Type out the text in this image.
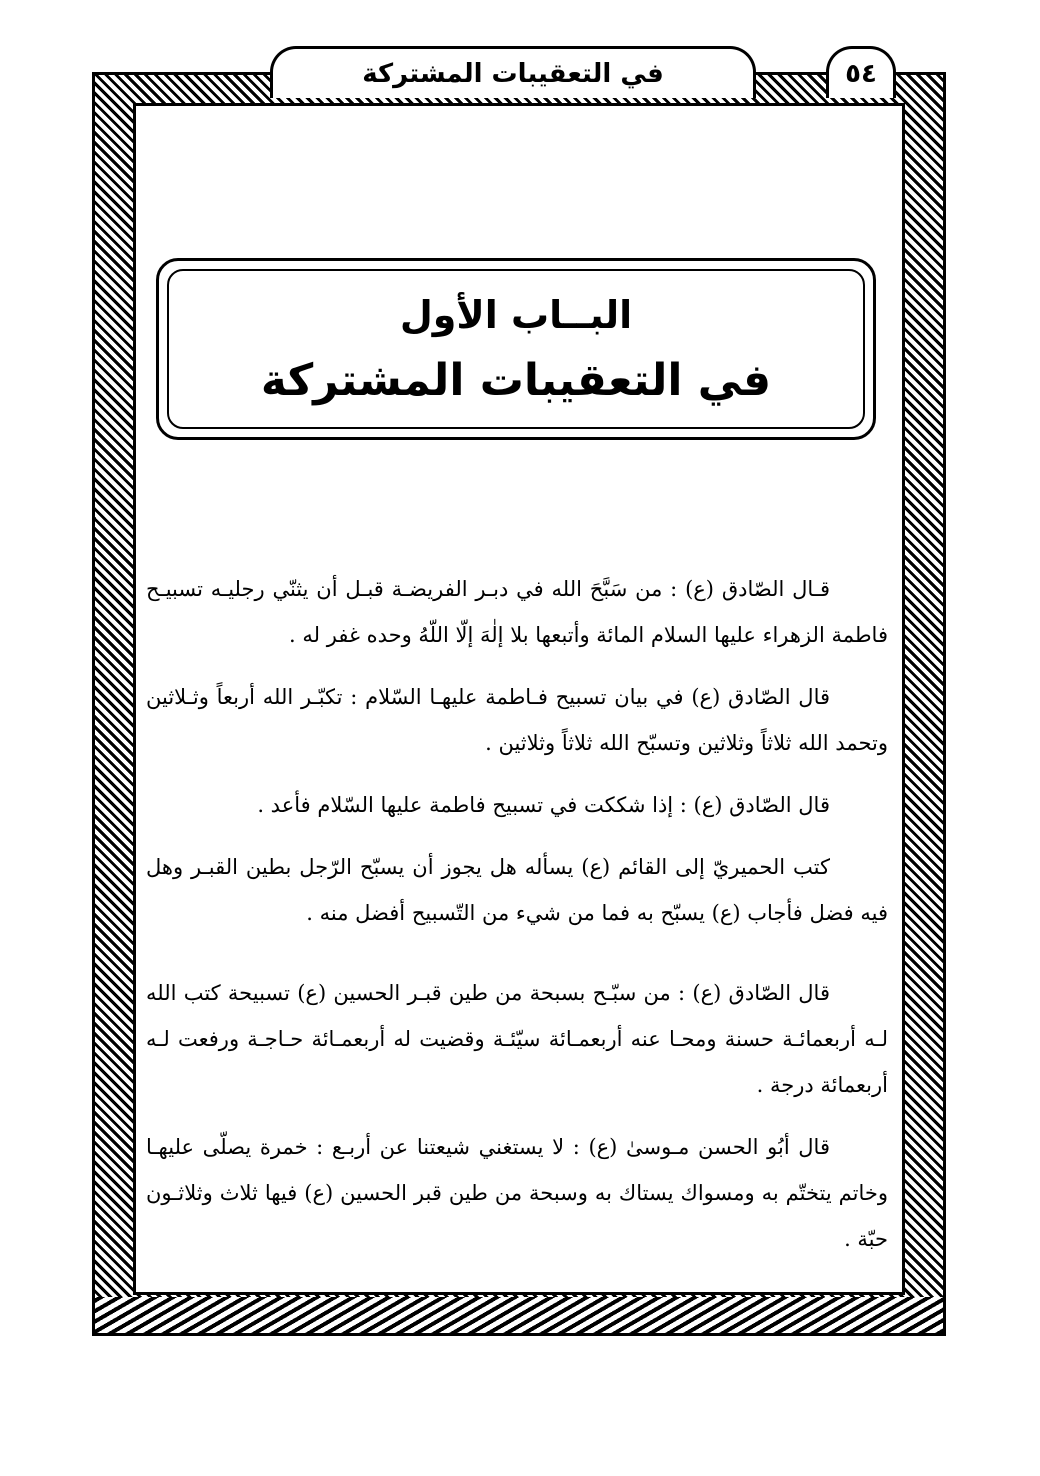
في التعقيبات المشتركة	٥٤
البــاب الأول
في التعقيبات المشتركة

قـال الصّادق (ع) : من سَبَّحَ الله في دبـر الفريضـة قبـل أن يثنّي رجليـه تسبيـح فاطمة الزهراء عليها السلام المائة وأتبعها بلا إلٰهَ إلّا اللّهُ وحده غفر له .

قال الصّادق (ع) في بيان تسبيح فـاطمة عليهـا السّلام : تكبّـر الله أربعاً وثـلاثين وتحمد الله ثلاثاً وثلاثين وتسبّح الله ثلاثاً وثلاثين .

قال الصّادق (ع) : إذا شككت في تسبيح فاطمة عليها السّلام فأعد .

كتب الحميريّ إلى القائم (ع) يسأله هل يجوز أن يسبّح الرّجل بطين القبـر وهل فيه فضل فأجاب (ع) يسبّح به فما من شيء من التّسبيح أفضل منه .

قال الصّادق (ع) : من سبّـح بسبحة من طين قبـر الحسين (ع) تسبيحة كتب الله لـه أربعمائـة حسنة ومحـا عنه أربعمـائة سيّئـة وقضيت له أربعمـائة حـاجـة ورفعت لـه أربعمائة درجة .

قال أبُو الحسن مـوسىٰ (ع) : لا يستغني شيعتنا عن أربـع : خمرة يصلّى عليهـا وخاتم يتختّم به ومسواك يستاك به وسبحة من طين قبر الحسين (ع) فيها ثلاث وثلاثـون حبّة .
